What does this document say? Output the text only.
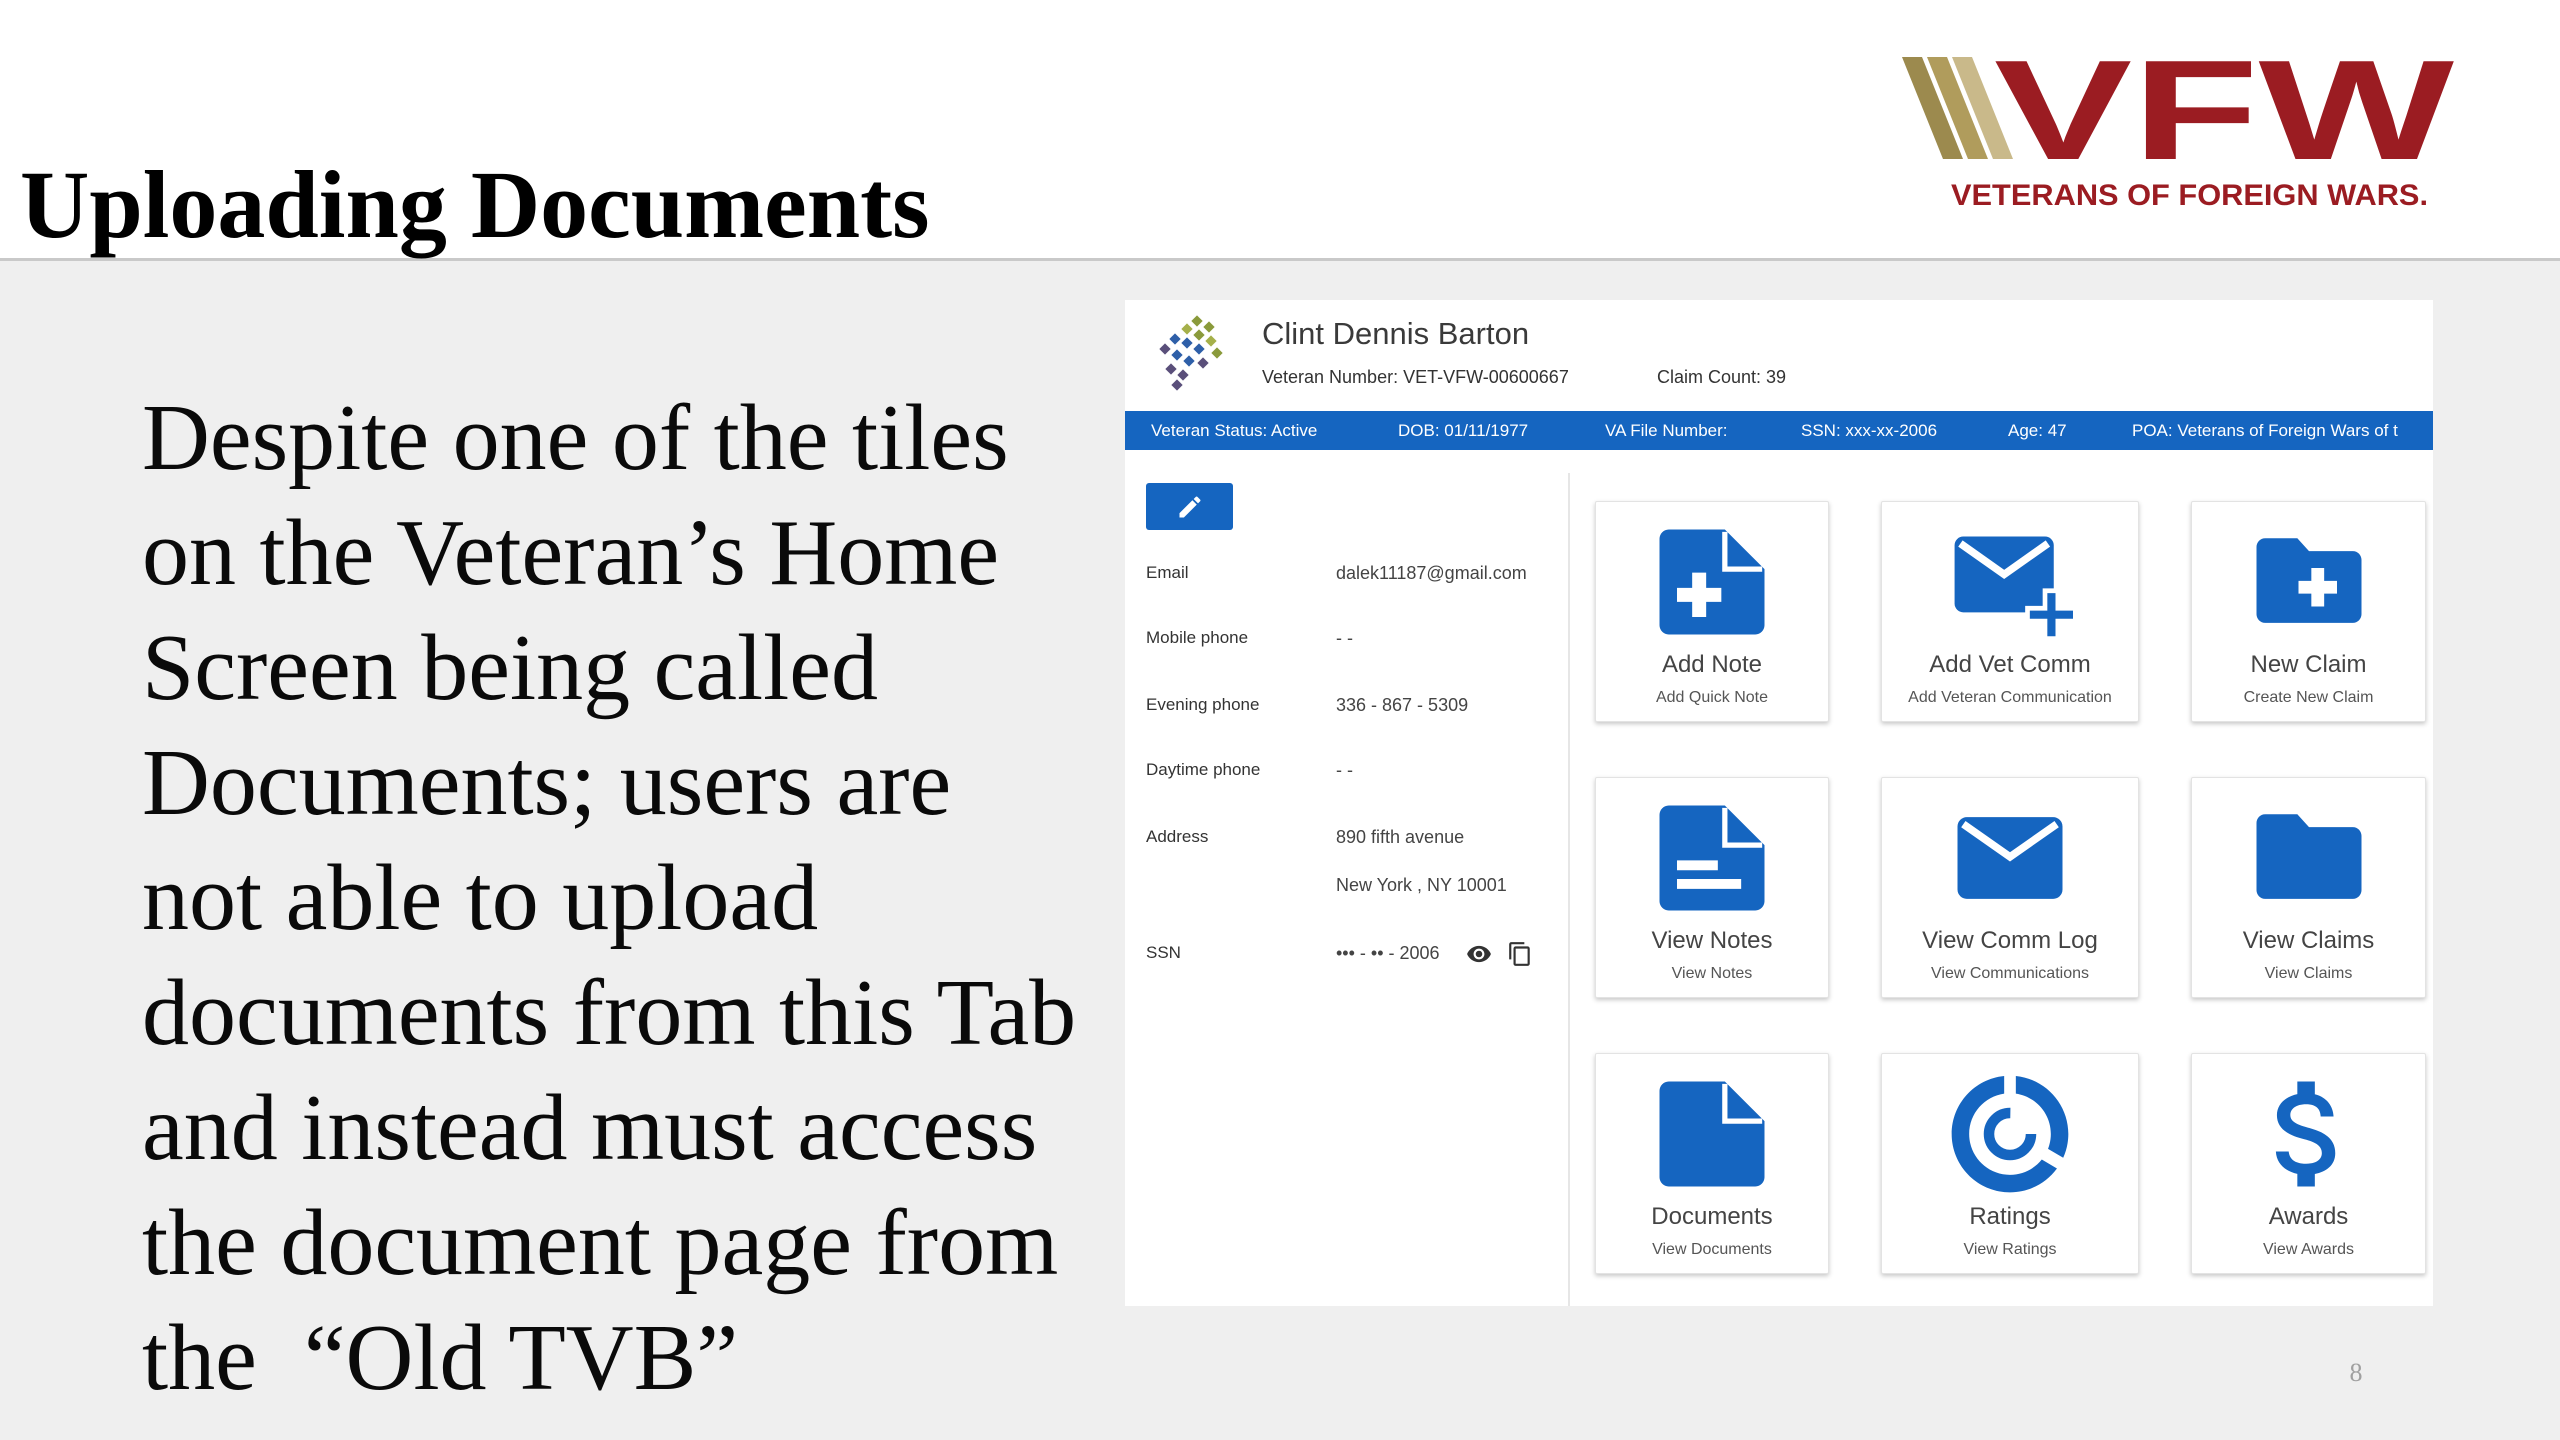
Uploading Documents
VFW
VETERANS OF FOREIGN WARS.
Despite one of the tiles
on the Veteran’s Home
Screen being called
Documents; users are
not able to upload
documents from this Tab
and instead must access
the document page from
the  “Old TVB”
Clint Dennis Barton
Veteran Number: VET-VFW-00600667	Claim Count: 39
Veteran Status: Active	DOB: 01/11/1977	VA File Number:	SSN: xxx-xx-2006	Age: 47	POA: Veterans of Foreign Wars of t
Email	dalek11187@gmail.com
Mobile phone	- -
Evening phone	336 - 867 - 5309
Daytime phone	- -
Address	890 fifth avenue
New York , NY 10001
SSN	••• - •• - 2006
Add Note
Add Quick Note
Add Vet Comm
Add Veteran Communication
New Claim
Create New Claim
View Notes
View Notes
View Comm Log
View Communications
View Claims
View Claims
Documents
View Documents
Ratings
View Ratings
Awards
View Awards
8
